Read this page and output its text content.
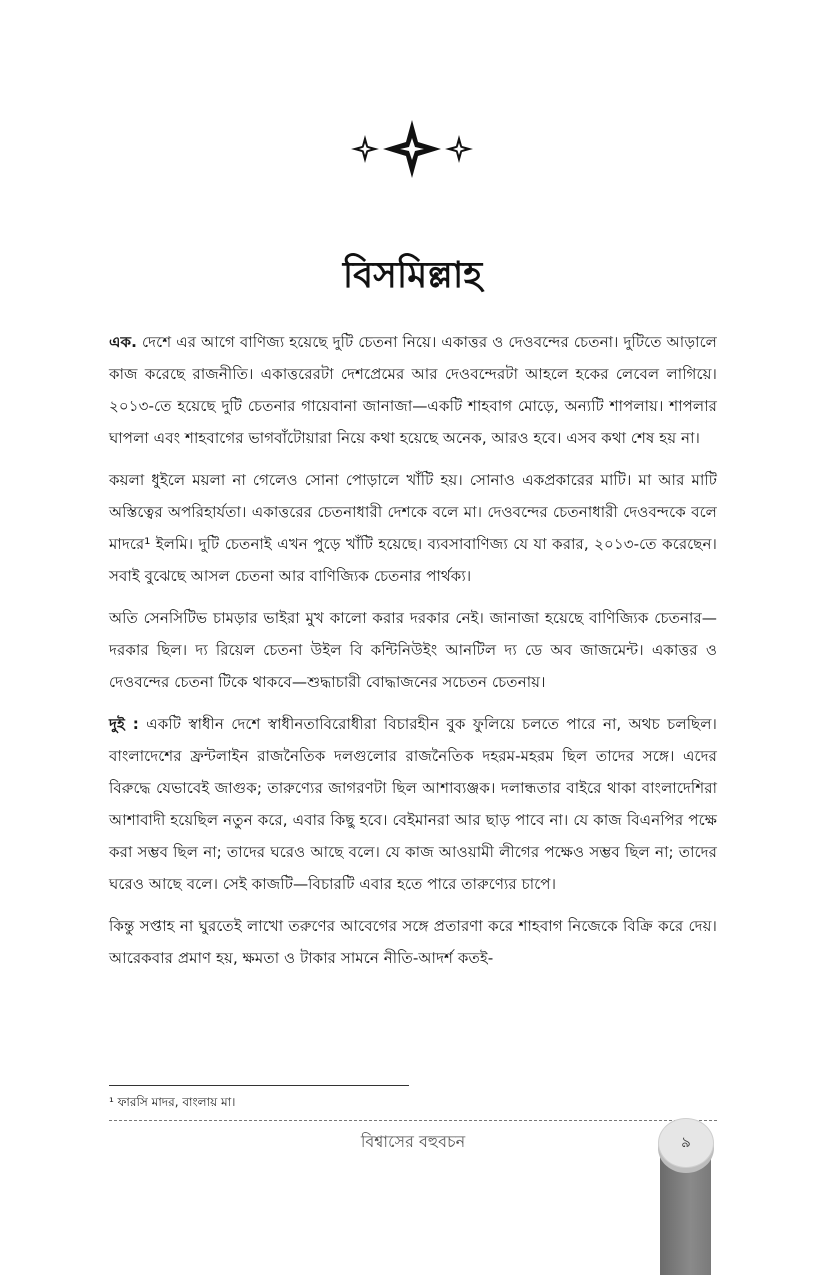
বিসমিল্লাহ

এক. দেশে এর আগে বাণিজ্য হয়েছে দুটি চেতনা নিয়ে। একাত্তর ও দেওবন্দের চেতনা। দুটিতে আড়ালে কাজ করেছে রাজনীতি। একাত্তরেরটা দেশপ্রেমের আর দেওবন্দেরটা আহলে হকের লেবেল লাগিয়ে। ২০১৩-তে হয়েছে দুটি চেতনার গায়েবানা জানাজা—একটি শাহবাগ মোড়ে, অন্যটি শাপলায়। শাপলার ঘাপলা এবং শাহবাগের ভাগবাঁটোয়ারা নিয়ে কথা হয়েছে অনেক, আরও হবে। এসব কথা শেষ হয় না।

কয়লা ধুইলে ময়লা না গেলেও সোনা পোড়ালে খাঁটি হয়। সোনাও একপ্রকারের মাটি। মা আর মাটি অস্তিত্বের অপরিহার্যতা। একাত্তরের চেতনাধারী দেশকে বলে মা। দেওবন্দের চেতনাধারী দেওবন্দকে বলে মাদরে¹ ইলমি। দুটি চেতনাই এখন পুড়ে খাঁটি হয়েছে। ব্যবসাবাণিজ্য যে যা করার, ২০১৩-তে করেছেন। সবাই বুঝেছে আসল চেতনা আর বাণিজ্যিক চেতনার পার্থক্য।

অতি সেনসিটিভ চামড়ার ভাইরা মুখ কালো করার দরকার নেই। জানাজা হয়েছে বাণিজ্যিক চেতনার—দরকার ছিল। দ্য রিয়েল চেতনা উইল বি কন্টিনিউইং আনটিল দ্য ডে অব জাজমেন্ট। একাত্তর ও দেওবন্দের চেতনা টিকে থাকবে—শুদ্ধাচারী বোদ্ধাজনের সচেতন চেতনায়।

দুই : একটি স্বাধীন দেশে স্বাধীনতাবিরোধীরা বিচারহীন বুক ফুলিয়ে চলতে পারে না, অথচ চলছিল। বাংলাদেশের ফ্রন্টলাইন রাজনৈতিক দলগুলোর রাজনৈতিক দহরম-মহরম ছিল তাদের সঙ্গে। এদের বিরুদ্ধে যেভাবেই জাগুক; তারুণ্যের জাগরণটা ছিল আশাব্যঞ্জক। দলান্ধতার বাইরে থাকা বাংলাদেশিরা আশাবাদী হয়েছিল নতুন করে, এবার কিছু হবে। বেইমানরা আর ছাড় পাবে না। যে কাজ বিএনপির পক্ষে করা সম্ভব ছিল না; তাদের ঘরেও আছে বলে। যে কাজ আওয়ামী লীগের পক্ষেও সম্ভব ছিল না; তাদের ঘরেও আছে বলে। সেই কাজটি—বিচারটি এবার হতে পারে তারুণ্যের চাপে।

কিন্তু সপ্তাহ না ঘুরতেই লাখো তরুণের আবেগের সঙ্গে প্রতারণা করে শাহবাগ নিজেকে বিক্রি করে দেয়। আরেকবার প্রমাণ হয়, ক্ষমতা ও টাকার সামনে নীতি-আদর্শ কতই-

¹ ফারসি মাদর, বাংলায় মা।
বিশ্বাসের বহুবচন	৯
